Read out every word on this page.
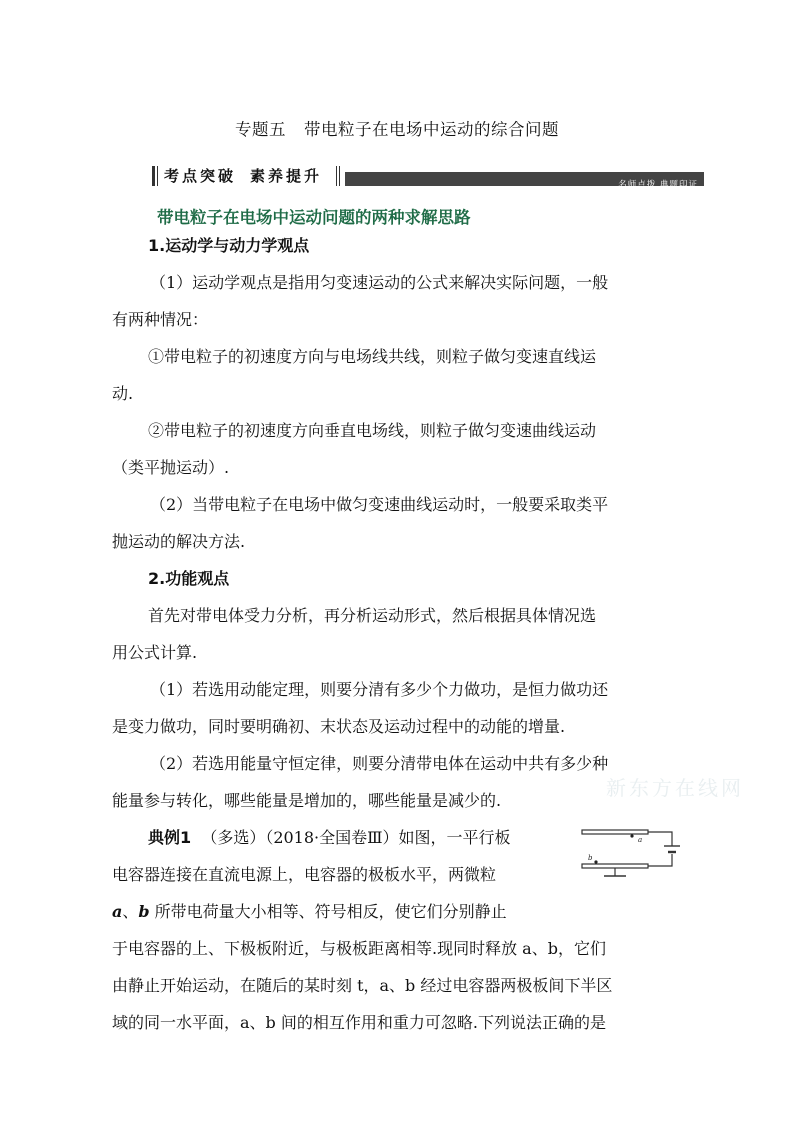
专题五 带电粒子在电场中运动的综合问题
考点突破 素养提升	名师点拨 典题印证
带电粒子在电场中运动问题的两种求解思路
1.运动学与动力学观点
（1）运动学观点是指用匀变速运动的公式来解决实际问题，一般
有两种情况：
①带电粒子的初速度方向与电场线共线，则粒子做匀变速直线运
动.
②带电粒子的初速度方向垂直电场线，则粒子做匀变速曲线运动
（类平抛运动）.
（2）当带电粒子在电场中做匀变速曲线运动时，一般要采取类平
抛运动的解决方法.
2.功能观点
首先对带电体受力分析，再分析运动形式，然后根据具体情况选
用公式计算.
（1）若选用动能定理，则要分清有多少个力做功，是恒力做功还
是变力做功，同时要明确初、末状态及运动过程中的动能的增量.
（2）若选用能量守恒定律，则要分清带电体在运动中共有多少种
能量参与转化，哪些能量是增加的，哪些能量是减少的.
新东方在线网
典例1 （多选）（2018·全国卷Ⅲ）如图，一平行板
电容器连接在直流电源上，电容器的极板水平，两微粒
a、b 所带电荷量大小相等、符号相反，使它们分别静止
于电容器的上、下极板附近，与极板距离相等.现同时释放 a、b，它们
由静止开始运动，在随后的某时刻 t，a、b 经过电容器两极板间下半区
域的同一水平面，a、b 间的相互作用和重力可忽略.下列说法正确的是
a
b
